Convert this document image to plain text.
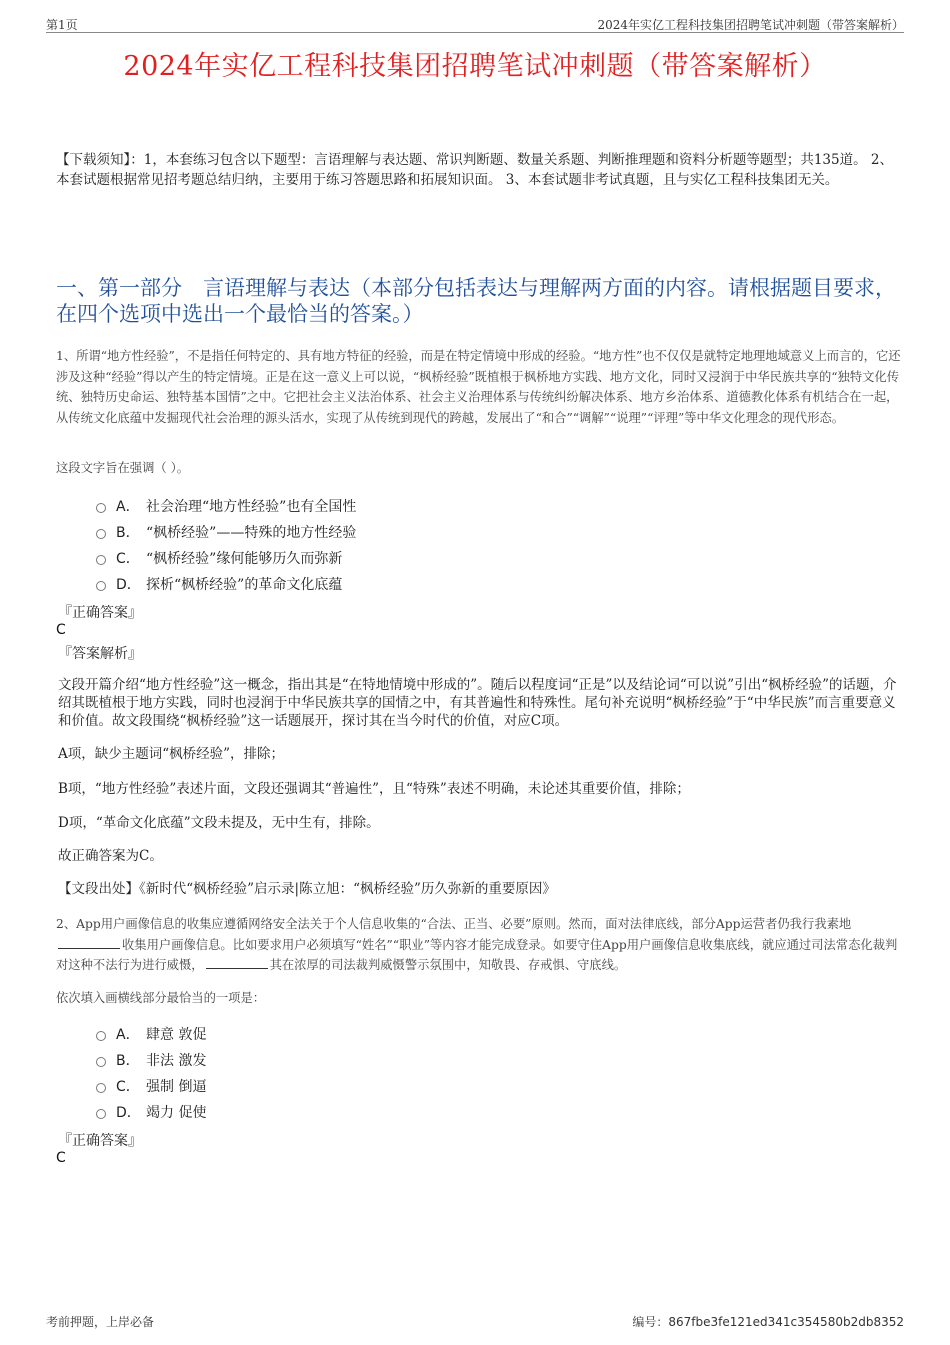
第1页	2024年实亿工程科技集团招聘笔试冲刺题（带答案解析）
2024年实亿工程科技集团招聘笔试冲刺题（带答案解析）
【下载须知】：1，本套练习包含以下题型：言语理解与表达题、常识判断题、数量关系题、判断推理题和资料分析题等题型；共135道。 2、本套试题根据常见招考题总结归纳，主要用于练习答题思路和拓展知识面。 3、本套试题非考试真题，且与实亿工程科技集团无关。
一、第一部分　言语理解与表达（本部分包括表达与理解两方面的内容。请根据题目要求，在四个选项中选出一个最恰当的答案。）
1、所谓“地方性经验”，不是指任何特定的、具有地方特征的经验，而是在特定情境中形成的经验。“地方性”也不仅仅是就特定地理地域意义上而言的，它还涉及这种“经验”得以产生的特定情境。正是在这一意义上可以说，“枫桥经验”既植根于枫桥地方实践、地方文化，同时又浸润于中华民族共享的“独特文化传统、独特历史命运、独特基本国情”之中。它把社会主义法治体系、社会主义治理体系与传统纠纷解决体系、地方乡治体系、道德教化体系有机结合在一起，从传统文化底蕴中发掘现代社会治理的源头活水，实现了从传统到现代的跨越，发展出了“和合”“调解”“说理”“评理”等中华文化理念的现代形态。
这段文字旨在强调（ ）。
A． 社会治理“地方性经验”也有全国性
B． “枫桥经验”——特殊的地方性经验
C． “枫桥经验”缘何能够历久而弥新
D． 探析“枫桥经验”的革命文化底蕴
『正确答案』
C
『答案解析』
文段开篇介绍“地方性经验”这一概念，指出其是“在特地情境中形成的”。随后以程度词“正是”以及结论词“可以说”引出“枫桥经验”的话题，介绍其既植根于地方实践，同时也浸润于中华民族共享的国情之中，有其普遍性和特殊性。尾句补充说明“枫桥经验”于“中华民族”而言重要意义和价值。故文段围绕“枫桥经验”这一话题展开，探讨其在当今时代的价值，对应C项。
A项，缺少主题词“枫桥经验”，排除；
B项，“地方性经验”表述片面，文段还强调其“普遍性”，且“特殊”表述不明确，未论述其重要价值，排除；
D项，“革命文化底蕴”文段未提及，无中生有，排除。
故正确答案为C。
【文段出处】《新时代“枫桥经验”启示录|陈立旭：“枫桥经验”历久弥新的重要原因》
2、App用户画像信息的收集应遵循网络安全法关于个人信息收集的“合法、正当、必要”原则。然而，面对法律底线，部分App运营者仍我行我素地收集用户画像信息。比如要求用户必须填写“姓名”“职业”等内容才能完成登录。如要守住App用户画像信息收集底线，就应通过司法常态化裁判对这种不法行为进行威慑，	其在浓厚的司法裁判威慑警示氛围中，知敬畏、存戒惧、守底线。
依次填入画横线部分最恰当的一项是：
A． 肆意 敦促
B． 非法 激发
C． 强制 倒逼
D． 竭力 促使
『正确答案』
C
考前押题，上岸必备	编号：867fbe3fe121ed341c354580b2db8352
